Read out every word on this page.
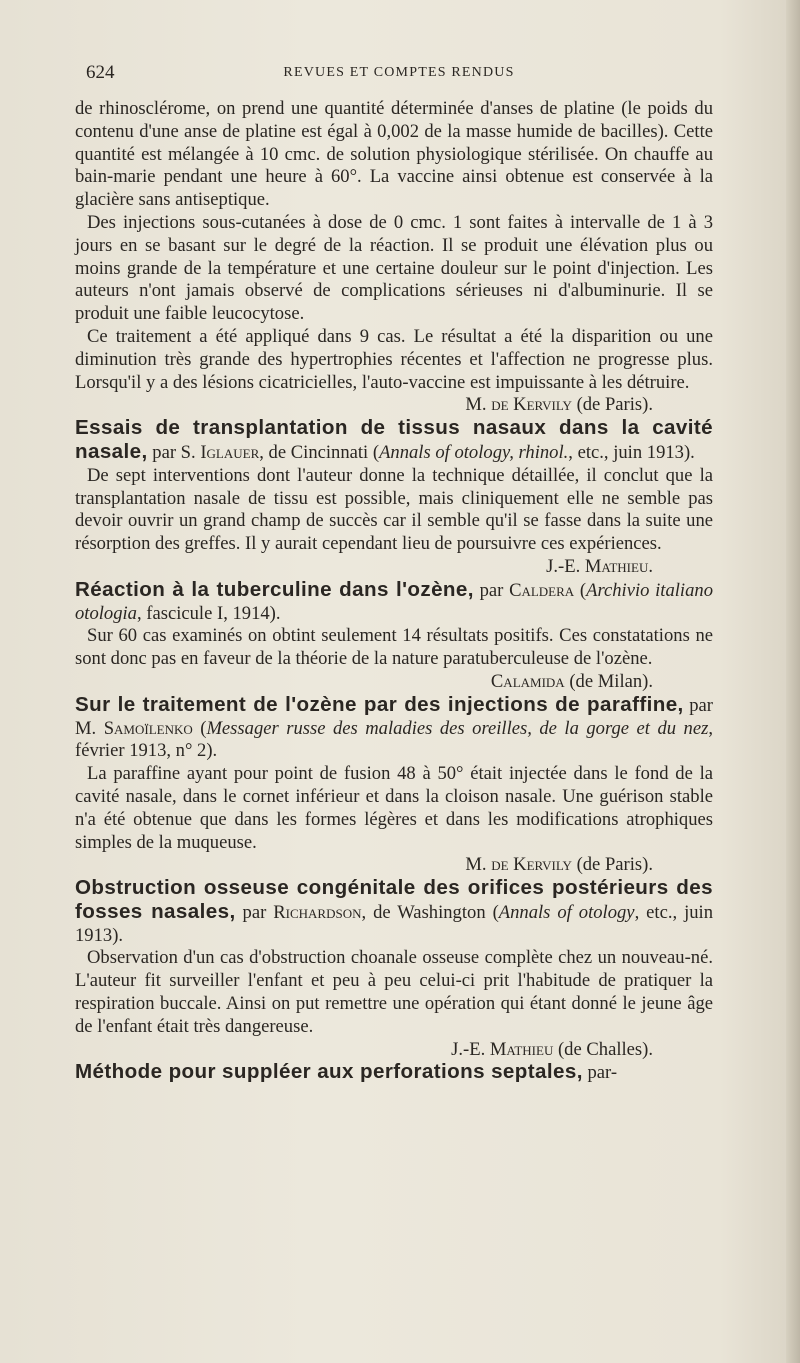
624	REVUES ET COMPTES RENDUS

de rhinosclérome, on prend une quantité déterminée d'anses de platine (le poids du contenu d'une anse de platine est égal à 0,002 de la masse humide de bacilles). Cette quantité est mélangée à 10 cmc. de solution physiologique stérilisée. On chauffe au bain-marie pendant une heure à 60°. La vaccine ainsi obtenue est conservée à la glacière sans antiseptique.

Des injections sous-cutanées à dose de 0 cmc. 1 sont faites à intervalle de 1 à 3 jours en se basant sur le degré de la réaction. Il se produit une élévation plus ou moins grande de la température et une certaine douleur sur le point d'injection. Les auteurs n'ont jamais observé de complications sérieuses ni d'albuminurie. Il se produit une faible leucocytose.

Ce traitement a été appliqué dans 9 cas. Le résultat a été la disparition ou une diminution très grande des hypertrophies récentes et l'affection ne progresse plus. Lorsqu'il y a des lésions cicatricielles, l'auto-vaccine est impuissante à les détruire.

M. de Kervily (de Paris).

Essais de transplantation de tissus nasaux dans la cavité nasale, par S. Iglauer, de Cincinnati (Annals of otology, rhinol., etc., juin 1913).

De sept interventions dont l'auteur donne la technique détaillée, il conclut que la transplantation nasale de tissu est possible, mais cliniquement elle ne semble pas devoir ouvrir un grand champ de succès car il semble qu'il se fasse dans la suite une résorption des greffes. Il y aurait cependant lieu de poursuivre ces expériences.

J.-E. Mathieu.

Réaction à la tuberculine dans l'ozène, par Caldera (Archivio italiano otologia, fascicule I, 1914).

Sur 60 cas examinés on obtint seulement 14 résultats positifs. Ces constatations ne sont donc pas en faveur de la théorie de la nature paratuberculeuse de l'ozène.

Calamida (de Milan).

Sur le traitement de l'ozène par des injections de paraffine, par M. Samoïlenko (Messager russe des maladies des oreilles, de la gorge et du nez, février 1913, n° 2).

La paraffine ayant pour point de fusion 48 à 50° était injectée dans le fond de la cavité nasale, dans le cornet inférieur et dans la cloison nasale. Une guérison stable n'a été obtenue que dans les formes légères et dans les modifications atrophiques simples de la muqueuse.

M. de Kervily (de Paris).

Obstruction osseuse congénitale des orifices postérieurs des fosses nasales, par Richardson, de Washington (Annals of otology, etc., juin 1913).

Observation d'un cas d'obstruction choanale osseuse complète chez un nouveau-né. L'auteur fit surveiller l'enfant et peu à peu celui-ci prit l'habitude de pratiquer la respiration buccale. Ainsi on put remettre une opération qui étant donné le jeune âge de l'enfant était très dangereuse.

J.-E. Mathieu (de Challes).

Méthode pour suppléer aux perforations septales, par-
